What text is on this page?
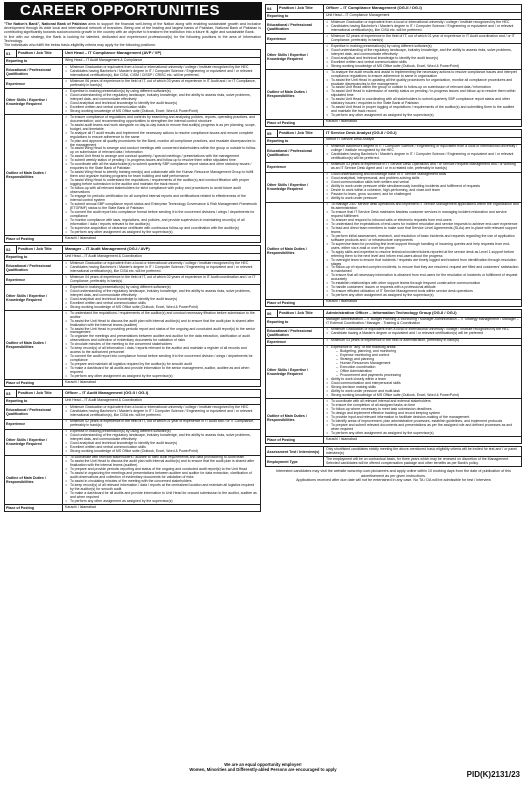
CAREER OPPORTUNITIES
"The Nation's Bank", National Bank of Pakistan aims to support the financial well-being of the Nation along with enabling sustainable growth and inclusive development through its wide local and international network of branches. Being one of the leading and largest banks of Pakistan, National Bank of Pakistan is contributing significantly towards socioeconomic growth in the country with an objective to transform the institution into a future fit, agile and sustainable Bank.
In line with our strategy, the Bank is looking for talented, dedicated and experienced professional(s) for the following positions in the area of Information Technology.
The individuals who fulfill the below basic-eligibility criteria may apply for the following positions:
01	Position / Job Title	Unit Head – IT Compliance Management (AVP / VP)
Reporting to	Wing Head – IT Audit Management & Compliance
Educational / Professional Qualification
• Minimum Graduation or equivalent from a local or international university / college / institute recognized by the HEC
• Candidates having Bachelor's / Master's degree in IT / Computer Science / Engineering or equivalent and / or relevant international certification(s), like CISA, CISM / CISSP / CRISC etc. will be preferred.
Experience
• Minimum 06 years of experience in the field of IT, out of which 03 years of experience in IT Audit and / or IT Compliance, preferably in bank(s)
Other Skills / Expertise / Knowledge Required
• Expertise in making presentation(s) by using different software(s)
• Good understanding of the regulatory landscape, industry knowledge, and the ability to assess risks, solve problems, interpret data, and communicate effectively
• Good analytical and technical knowledge to identify the audit issue(s)
• Excellent written and verbal communication skills
• Strong working knowledge of MS Office suite (Outlook, Excel, Word & PowerPoint)
Outline of Main Duties / Responsibilities
• To ensure compliance of regulations and controls by examining and analyzing policies, reports, operating practices, and documentation; and recommending opportunities to strengthen the internal control structure
• To assist audit teams and work alongside on day-to-day basis to ensure that audit(s) progress is as per planning, scope, budget, and timetable
• To analyze all IT audit results and implement the necessary actions to resolve compliance issues and ensure complete regulations to ensure adherence to the same
• To plan and approve all quality procedures for the Bank, monitor all compliance practices, and escalate discrepancies to the management
• To assist Wing Head to arrange and conduct meetings with concerned stakeholders within the group or outside to follow-up on submission of relevant data / information
• To assist Unit Head to arrange and conduct quarterly / special meetings / presentations with the management
• To submit weekly status of pending / in-progress issues and follow-up to resolve them within stipulated time
• To coordinate with all the stakeholder(s) to submit quarterly SBP compliance report status and other statutory issues / enquiries to the State Bank of Pakistan
• To assist Wing Head to identify training need(s) and collaborate with the Human Resource Management Group to fulfill them and organize training programs for team building and staff performance
• To assist Wing Head to understand the requisitions / requirements of the auditor(s) and conduct filtration with proper logging before submission to the auditor and maintain the track record
• To follow-up with all relevant stakeholders for strict compliance with policy and procedures to avoid future audit observations
• To engage for periodic certification for all compiled internal reports and certifications related to effectiveness of the internal control system
• To submit annual SBP compliance report status and Enterprise Technology Governance & Risk Management Framework (ETGRMF) status to the State Bank of Pakistan
• To convert the audit report into compliance format before sending it to the concerned divisions / wings / departments for compliance
• To monitor compliance with laws, regulations, and policies, and provide supervision in maintaining record(s) of all information / data / reports relevant to the auditor(s)
• To supervise acquisition of clearance certificate with continuous follow-up and coordination with the auditor(s)
• To perform any other assignment as assigned by the supervisor(s)
Place of Posting	Karachi / Islamabad
02	Position / Job Title	Manager – IT Audit Management (OG-I / AVP)
Reporting to	Unit Head – IT Audit Management & Coordination
Educational / Professional Qualification
• Minimum Graduation or equivalent from a local or international university / college / institute recognized by the HEC
• Candidates having Bachelor's / Master's degree in IT / Computer Science / Engineering or equivalent and / or relevant international certification(s), like CISA etc. will be preferred.
Experience
• Minimum 04 years of experience in the field of IT, out of which 02 years of experience in IT Audit coordination and / or IT Compliance, preferably in bank(s)
Other Skills / Expertise / Knowledge Required
• Expertise in making presentation(s) by using different software(s)
• Good understanding of the regulatory landscape, industry knowledge, and the ability to assess risks, solve problems, interpret data, and communicate effectively
• Good analytical and technical knowledge to identify the audit issue(s)
• Excellent written and verbal communication skills
• Strong working knowledge of MS Office suite (Outlook, Excel, Word & PowerPoint)
Outline of Main Duties / Responsibilities
• To understand the requisitions / requirements of the auditor(s) and conduct necessary filtration before submission to the auditor
• To assist the Unit Head to discuss the audit plan with internal auditor(s) and to ensure that the audit plan is shared after finalization with the internal teams (auditee)
• To assist the Unit Head in providing periodic report and status of the ongoing and concluded audit report(s) to the senior management
• To organize the meetings and presentations between auditee and auditor for the data extraction, clarification of audit observations and collection of evidentiary documents for validation of risks
• To circulate minutes of the meeting to the concerned stakeholders
• To keep record(s) of all information / data / reports relevant to the auditor and maintain a register of all records and access to the authorized personnel
• To convert the audit report into compliance format before sending it to the concerned division / wings / departments for compliance
• To prepare and maintain all logistics required by the auditor(s) for smooth audit
• To make a dashboard for all audits and provide information to the senior management, auditor, auditee as and when required
• To perform any other assignment as assigned by the supervisor(s)
Place of Posting	Karachi / Islamabad
03	Position / Job Title	Officer – IT Audit Management (OG-II / OG-I)
Reporting to	Unit Head – IT Audit Management & Coordination
Educational / Professional Qualification
• Minimum Graduation or equivalent from a local or international university / college / institute recognized by the HEC
• Candidates having Bachelor's / Master's degree in IT / Computer Science / Engineering or equivalent and / or relevant international certification(s), like CISA etc. will be preferred.
Experience
• Minimum 02 years of experience in the field of IT, out of which 01 year of experience in IT Audit and / or IT Compliance, preferably in bank(s)
Other Skills / Expertise / Knowledge Required
• Expertise in making presentation(s) by using different software(s)
• Good understanding of the regulatory landscape, industry knowledge, and the ability to assess risks, solve problems, interpret data, and communicate effectively
• Good analytical and technical knowledge to identify the audit issue(s)
• Excellent written and verbal communication skills
• Strong working knowledge of MS Office suite (Outlook, Excel, Word & PowerPoint)
Outline of Main Duties / Responsibilities
• To coordinate with relevant stakeholders / auditee to fulfill audit requirements and data provisioning to Audit team
• To assist the Unit Head to discuss the audit plan with internal auditor(s) and to ensure that the audit plan is shared after finalization with the internal teams (auditee)
• To prepare and provide periodic reporting and status of the ongoing and concluded audit report(s) to the Unit Head
• To assist in organizing the meetings and presentations between auditee and auditor for data extraction, clarification of audit observations and collection of evidentiary documents for validation of risks
• To assist in circulating minutes of the meeting with the concerned stakeholders
• To keep record(s) of all relevant information / data / reports at the centralized location and maintain all logistics required by the auditor(s) for smooth audit
• To make a dashboard for all audits and provide information to Unit Head for onward submission to the auditor, auditee as and when required
• To perform any other assignment as assigned by the supervisor(s)
Place of Posting	Karachi / Islamabad
04	Position / Job Title	Officer – IT Compliance Management (OG-II / OG-I)
Reporting to	Unit Head – IT Compliance Management
Educational / Professional Qualification
• Minimum Graduation or equivalent from a local or international university / college / institute recognized by the HEC
• Candidates having Bachelor's / Master's degree in IT / Computer Science / Engineering or equivalent and / or relevant international certification(s), like CISA etc. will be preferred.
Experience
• Minimum 02 years of experience in the field of IT, out of which 01 year of experience in IT Audit coordination and / or IT Compliance, preferably in bank(s)
Other Skills / Expertise / Knowledge Required
• Expertise in making presentation(s) by using different software(s)
• Good understanding of the regulatory landscape, industry knowledge, and the ability to assess risks, solve problems, interpret data, and communicate effectively
• Good analytical and technical knowledge to identify the audit issue(s)
• Excellent written and verbal communication skills
• Strong working knowledge of MS Office suite (Outlook, Excel, Word & PowerPoint)
Outline of Main Duties / Responsibilities
• To analyze the audit results and assist in implementing the necessary actions to resolve compliance issues and interpret compliance regulations to ensure adherence to same in organization
• To assist the Unit Head in updating all the quality procedures for organization, monitor all compliance procedures and escalate discrepancies to the management
• To assist Unit Head within the group or outside to follow-up on submission of relevant data / information
• To assist Unit Head in submission of weekly status on pending / in-progress issues and follow-up to resolve them within stipulated time
• To assist Unit Head in coordinating with all stakeholders to submit quarterly SBP compliance report status and other statutory issues / enquiries to the State Bank of Pakistan
• To assist Unit Head in proper logging of requisitions / requirements of the auditor(s) and submitting them to the auditee and maintain the track record
• To perform any other assignment as assigned by the supervisor(s)
Place of Posting	Karachi / Islamabad
05	Position / Job Title	IT Service Desk Analyst (OG-II / OG-I)
Reporting to	Senior IT Service Desk Analyst
Educational / Professional Qualification
• Minimum Bachelor's degree in IT / Computer Science / Engineering or equivalent from a local or international university / college / institute recognized by the HEC
• Candidates having Bachelor's / Master's degree in IT / Computer Science / Engineering or equivalent and / or relevant certification(s) will be preferred.
Experience
• Minimum 03 years of experience in IT Service Desk Operations and / or Service Request Management and / or working as an IT Service Desk Agent and / or in a related role, preferably in bank(s)
Other Skills / Expertise / Knowledge Required
• Good understanding and knowledge base of IT Service Management tools
• Good analytical, interpersonal, and problem-solving skills
• Good communication skills both written and verbal
• Ability to work under pressure while simultaneously handling incidents and fulfillment of requests
• Desire to work within a cohesive, high-performing, and close-knit team
• Passion to learn, grow, succeed, and be challenged
• Ability to work under pressure
Outline of Main Duties / Responsibilities
• To manage 24x7 service desk operations and implement IT Service Management applications within the organization and its administration
• To ensure that IT Service Desk maintains flawless customer services in managing incident restoration and service request fulfillment
• To answer and respond to inbound calls or electronic requests from end-users
• To understand the expectations of end-users for incident resolution and service requests to achieve end-user experience
• To lead and direct team members to make sure that Service Level Agreements (SLAs) are in-place with relevant support teams
• To perform initial assessment, research, and resolution of basic incidents and requests regarding the use of application software products and / or infrastructure components
• To supervise team for providing first level support through handling of incoming queries and help requests from end-users, either via e-mail or over the phone
• To apply skills and expertise to resolve technical incident tickets reported at the service desk as Level 1 support before referring them to the next level and inform end-users about the progress
• To oversight team to ensure that incidents / requests are timely logged and tracked from identification through resolution stages
• To follow-up of reported complex incidents, to ensure that they are resolved, request are filled and customers' satisfaction is maintained
• To ensure that all necessary information is obtained from end-users for the resolution of incidents or fulfillment of request accurately
• To establish relationships with other support teams through frequent constructive communication
• To handle customers' issues or requests with a professional attitude
• To ensure efficient utilization of IT Service Management tools within service desk operations
• To perform any other assignment as assigned by the supervisor(s)
Place of Posting	Karachi / Islamabad
06	Position / Job Title	Administration Officer – Information Technology Group (OG-II / OG-I)
Reporting to
Manager Administration – IT Budget Planning & Monitoring / Manager Administration – IT Strategy Management / Manager – IT External Coordination / Manager - Training & Coordination
Educational / Professional Qualification
• Minimum Graduation or equivalent from a local or international university / college / institute recognized by the HEC
• Candidate having a Master's degree or equivalent and / or relevant certification(s) will be preferred
Experience
•	Minimum 03 years of experience in the field of administration, preferably in bank(s)
Other Skills / Expertise / Knowledge Required
• Experience in "any" of the following areas:
– Budgeting, planning, and monitoring
– Expense monitoring and control
– Strategy and planning
– Human Resources Management
– Execution coordination
– Office Administration
– Procurement and payments processing
• Ability to work closely within a team
• Good communication and interpersonal skills
• Strong decision making skills
• Ability to work under pressure and multi-task
• Strong working knowledge of MS Office suite (Outlook, Excel, Word & PowerPoint)
Outline of Main Duties / Responsibilities
• To coordinate with all relevant internal and external stakeholders
• To ensure the completion of all assigned tasks on time
• To follow-up where necessary to meet task submission deadlines
• To design and implement effective tracking and record keeping system
• To provide input and relevant information to facilitate decision-making of the management
• To identify areas of improvement, plan administrative processes, establish guidelines, and implement protocols
• To prepare and submit relevant documents and presentations as per the assigned role and defined processes as and when required
• To perform any other assignment as assigned by the supervisor(s)
Place of Posting	Karachi / Islamabad
Assessment Test / Interview(s)
Only shortlisted candidates strictly meeting the above-mentioned basic eligibility criteria will be invited for test and / or panel interview(s)
Employment Type
The employment will be on contractual basis, for three years which may be renewed on discretion of the Management. Selected candidates will be offered compensation package and other benefits as per Bank's policy.
Interested candidates may visit the website www.nbp.com.pk/careers and apply online within 10 working days from the date of publication of this advertisement as per given instructions.
Applications received after due date will not be entertained in any case. No TA / DA will be admissible for test / interview
We are an equal opportunity employer!
Women, Minorities and Differently-abled Persons are encouraged to apply
PID(K)2131/23
